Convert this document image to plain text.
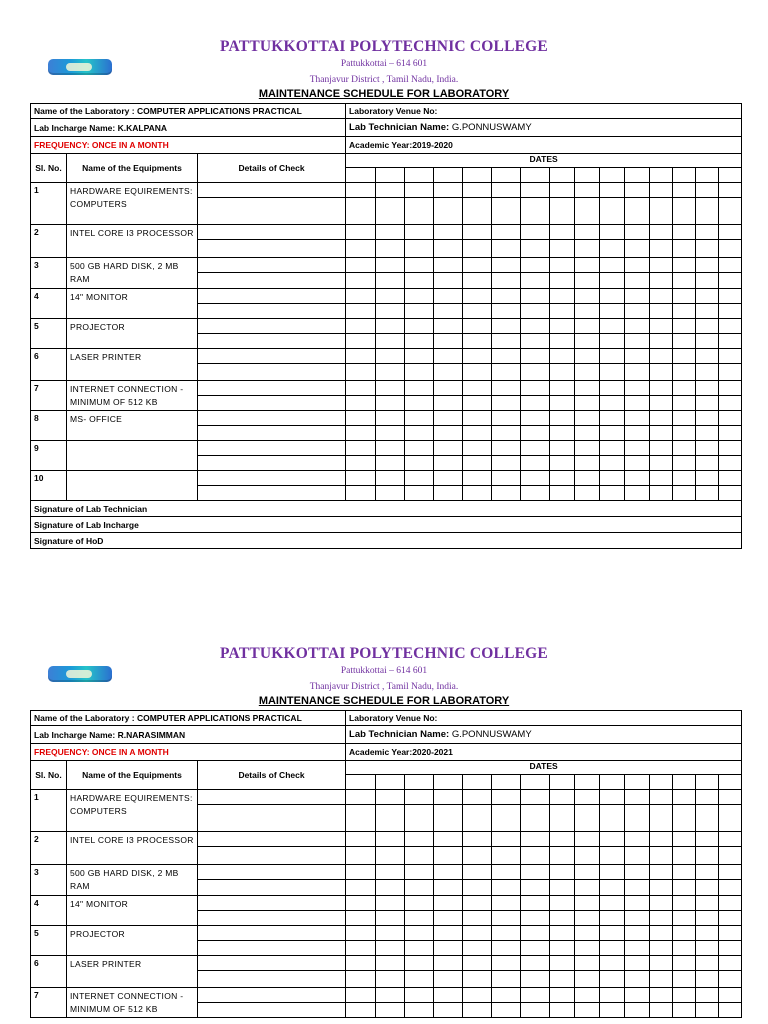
PATTUKKOTTAI POLYTECHNIC COLLEGE
Pattukkottai – 614 601
Thanjavur District , Tamil Nadu, India.
MAINTENANCE SCHEDULE FOR LABORATORY
Name of the Laboratory : COMPUTER APPLICATIONS PRACTICAL			Laboratory Venue No:														
Lab Incharge Name: K.KALPANA			Lab Technician Name: G.PONNUSWAMY														
FREQUENCY: ONCE IN A MONTH			Academic Year:2019-2020														
Sl. No.	Name of the Equipments	Details of Check	DATES														

1	HARDWARE EQUIREMENTS: COMPUTERS																

2	INTEL CORE I3 PROCESSOR																

3	500 GB HARD DISK, 2 MB RAM																

4	14" MONITOR																

5	PROJECTOR																

6	LASER PRINTER																

7	INTERNET CONNECTION - MINIMUM OF 512 KB																

8	MS- OFFICE																

9																	

10																	

Signature of Lab Technician																	
Signature of Lab Incharge																	
Signature of HoD																	
PATTUKKOTTAI POLYTECHNIC COLLEGE
Pattukkottai – 614 601
Thanjavur District , Tamil Nadu, India.
MAINTENANCE SCHEDULE FOR LABORATORY
Name of the Laboratory : COMPUTER APPLICATIONS PRACTICAL			Laboratory Venue No:														
Lab Incharge Name: R.NARASIMMAN			Lab Technician Name: G.PONNUSWAMY														
FREQUENCY: ONCE IN A MONTH			Academic Year:2020-2021														
Sl. No.	Name of the Equipments	Details of Check	DATES														

1	HARDWARE EQUIREMENTS: COMPUTERS																

2	INTEL CORE I3 PROCESSOR																

3	500 GB HARD DISK, 2 MB RAM																

4	14" MONITOR																

5	PROJECTOR																

6	LASER PRINTER																

7	INTERNET CONNECTION - MINIMUM OF 512 KB																
